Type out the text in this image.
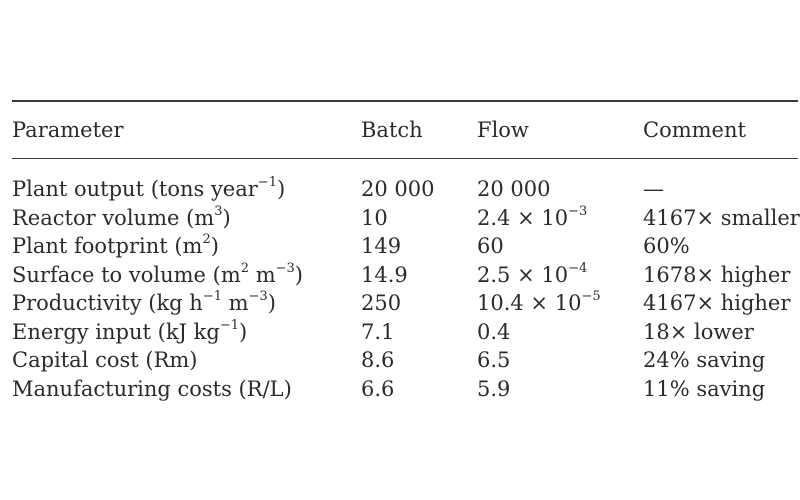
Parameter	Batch	Flow	Comment

Plant output (tons year$^{-1}$)	20 000	20 000	—
Reactor volume $(m^3)$	10	$2.4 \times 10^{-3}$	4167× smaller
Plant footprint $(m^2)$	149	60	60%
Surface to volume ($m^2$ $m^{-3}$)	14.9	$2.5 \times 10^{-4}$	1678× higher
Productivity (kg $h^{-1}$ $m^{-3}$)	250	$10.4 \times 10^{-5}$	4167× higher
Energy input (kJ $kg^{-1}$)	7.1	0.4	18× lower
Capital cost (Rm)	8.6	6.5	24% saving
Manufacturing costs (R/L)	6.6	5.9	11% saving
